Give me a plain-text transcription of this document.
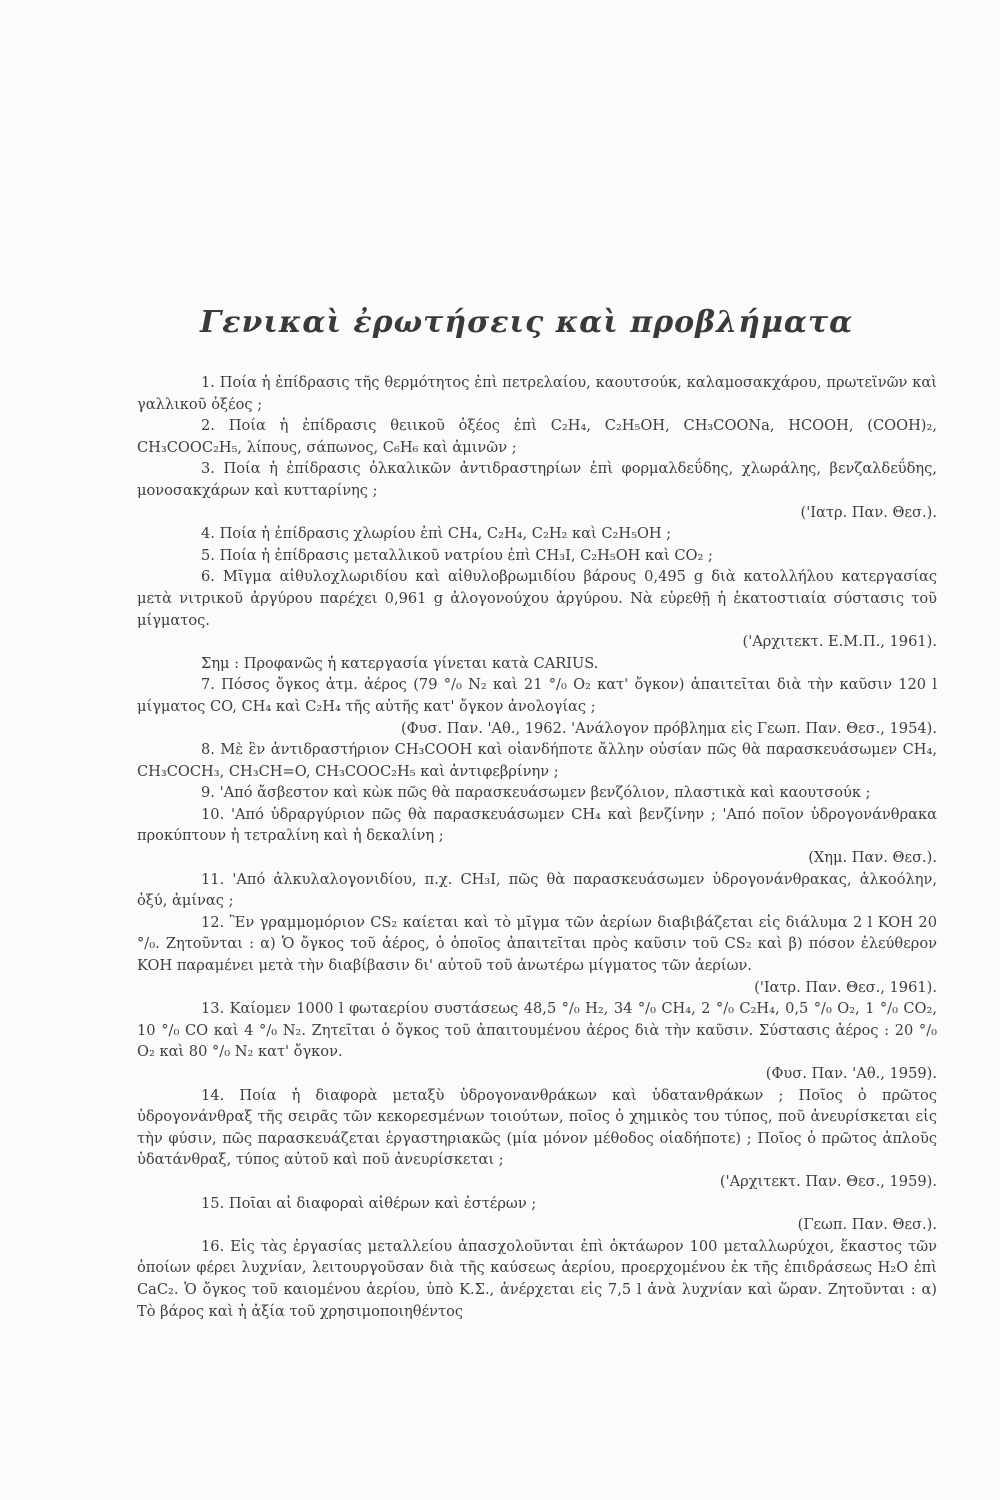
Γενικαὶ ἐρωτήσεις καὶ προβλήματα

1. Ποία ἡ ἐπίδρασις τῆς θερμότητος ἐπὶ πετρελαίου, καουτσούκ, καλαμοσακχάρου, πρωτεϊνῶν καὶ γαλλικοῦ ὀξέος ;

2. Ποία ἡ ἐπίδρασις θειικοῦ ὀξέος ἐπὶ C₂H₄, C₂H₅OH, CH₃COONa, HCOOH, (COOH)₂, CH₃COOC₂H₅, λίπους, σάπωνος, C₆H₆ καὶ ἀμινῶν ;

3. Ποία ἡ ἐπίδρασις ὀλκαλικῶν ἀντιδραστηρίων ἐπὶ φορμαλδεΰδης, χλωράλης, βενζαλδεΰδης, μονοσακχάρων καὶ κυτταρίνης ;

('Ιατρ. Παν. Θεσ.).

4. Ποία ἡ ἐπίδρασις χλωρίου ἐπὶ CH₄, C₂H₄, C₂H₂ καὶ C₂H₅OH ;

5. Ποία ἡ ἐπίδρασις μεταλλικοῦ νατρίου ἐπὶ CH₃I, C₂H₅OH καὶ CO₂ ;

6. Μῖγμα αἰθυλοχλωριδίου καὶ αἰθυλοβρωμιδίου βάρους 0,495 g διὰ κατολλήλου κατεργασίας μετὰ νιτρικοῦ ἀργύρου παρέχει 0,961 g ἀλογονούχου ἀργύρου. Νὰ εὑρεθῇ ἡ ἑκατοστιαία σύστασις τοῦ μίγματος.

('Αρχιτεκτ. Ε.Μ.Π., 1961).

Σημ : Προφανῶς ἡ κατεργασία γίνεται κατὰ CARIUS.

7. Πόσος ὄγκος ἀτμ. ἀέρος (79 °/₀ N₂ καὶ 21 °/₀ O₂ κατ' ὄγκον) ἀπαιτεῖται διὰ τὴν καῦσιν 120 l μίγματος CO, CH₄ καὶ C₂H₄ τῆς αὐτῆς κατ' ὄγκον ἀνολογίας ;

(Φυσ. Παν. 'Αθ., 1962. 'Ανάλογον πρόβλημα εἰς Γεωπ. Παν. Θεσ., 1954).

8. Μὲ ἓν ἀντιδραστήριον CH₃COOH καὶ οἱανδήποτε ἄλλην οὐσίαν πῶς θὰ παρασκευάσωμεν CH₄, CH₃COCH₃, CH₃CH=O, CH₃COOC₂H₅ καὶ ἀντιφεβρίνην ;

9. 'Από ἄσβεστον καὶ κὼκ πῶς θὰ παρασκευάσωμεν βενζόλιον, πλαστικὰ καὶ καουτσούκ ;

10. 'Από ὑδραργύριον πῶς θὰ παρασκευάσωμεν CH₄ καὶ βενζίνην ; 'Από ποῖον ὑδρογονάνθρακα προκύπτουν ἡ τετραλίνη καὶ ἡ δεκαλίνη ;

(Χημ. Παν. Θεσ.).

11. 'Από ἀλκυλαλογονιδίου, π.χ. CH₃I, πῶς θὰ παρασκευάσωμεν ὑδρογονάνθρακας, ἀλκοόλην, ὀξύ, ἀμίνας ;

12. Ἓν γραμμομόριον CS₂ καίεται καὶ τὸ μῖγμα τῶν ἀερίων διαβιβάζεται εἰς διάλυμα 2 l KOH 20 °/₀. Ζητοῦνται : α) Ὁ ὄγκος τοῦ ἀέρος, ὁ ὁποῖος ἀπαιτεῖται πρὸς καῦσιν τοῦ CS₂ καὶ β) πόσον ἐλεύθερον KOH παραμένει μετὰ τὴν διαβίβασιν δι' αὐτοῦ τοῦ ἀνωτέρω μίγματος τῶν ἀερίων.

('Ιατρ. Παν. Θεσ., 1961).

13. Καίομεν 1000 l φωταερίου συστάσεως 48,5 °/₀ H₂, 34 °/₀ CH₄, 2 °/₀ C₂H₄, 0,5 °/₀ O₂, 1 °/₀ CO₂, 10 °/₀ CO καὶ 4 °/₀ N₂. Ζητεῖται ὁ ὄγκος τοῦ ἀπαιτουμένου ἀέρος διὰ τὴν καῦσιν. Σύστασις ἀέρος : 20 °/₀ O₂ καὶ 80 °/₀ N₂ κατ' ὄγκον.

(Φυσ. Παν. 'Αθ., 1959).

14. Ποία ἡ διαφορὰ μεταξὺ ὑδρογονανθράκων καὶ ὑδατανθράκων ; Ποῖος ὁ πρῶτος ὑδρογονάνθραξ τῆς σειρᾶς τῶν κεκορεσμένων τοιούτων, ποῖος ὁ χημικὸς του τύπος, ποῦ ἀνευρίσκεται εἰς τὴν φύσιν, πῶς παρασκευάζεται ἐργαστηριακῶς (μία μόνον μέθοδος οἱαδήποτε) ; Ποῖος ὁ πρῶτος ἁπλοῦς ὑδατάνθραξ, τύπος αὐτοῦ καὶ ποῦ ἀνευρίσκεται ;

('Αρχιτεκτ. Παν. Θεσ., 1959).

15. Ποῖαι αἱ διαφοραὶ αἰθέρων καὶ ἐστέρων ;

(Γεωπ. Παν. Θεσ.).

16. Εἰς τὰς ἐργασίας μεταλλείου ἀπασχολοῦνται ἐπὶ ὀκτάωρον 100 μεταλλωρύχοι, ἕκαστος τῶν ὁποίων φέρει λυχνίαν, λειτουργοῦσαν διὰ τῆς καύσεως ἀερίου, προερχομένου ἐκ τῆς ἐπιδράσεως H₂O ἐπὶ CaC₂. Ὁ ὄγκος τοῦ καιομένου ἀερίου, ὑπὸ Κ.Σ., ἀνέρχεται εἰς 7,5 l ἀνὰ λυχνίαν καὶ ὥραν. Ζητοῦνται : α) Τὸ βάρος καὶ ἡ ἀξία τοῦ χρησιμοποιηθέντος
